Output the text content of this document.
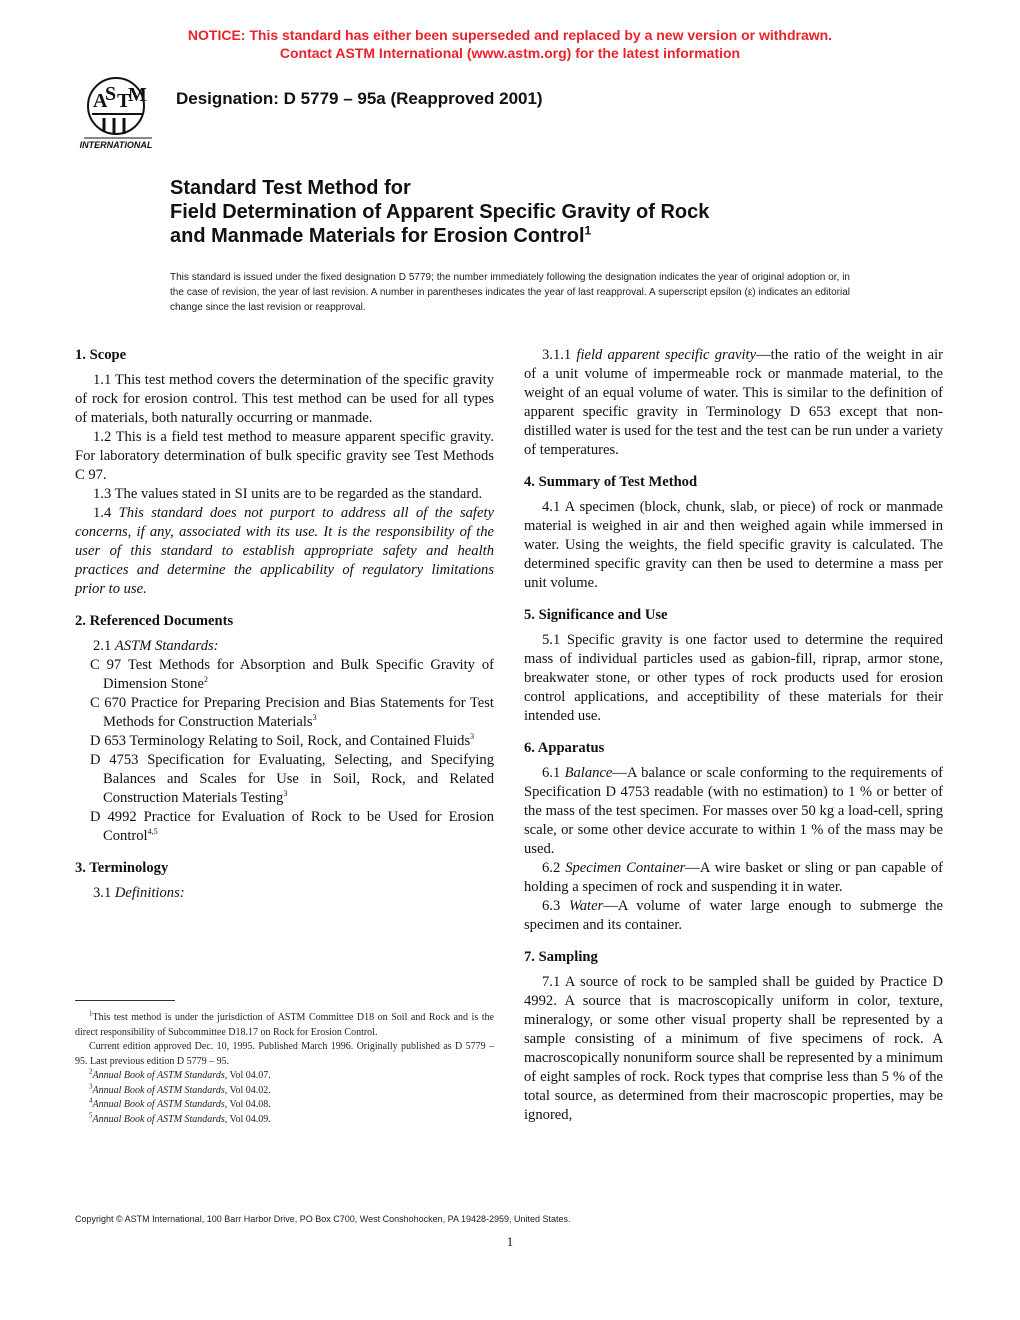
NOTICE: This standard has either been superseded and replaced by a new version or withdrawn.
Contact ASTM International (www.astm.org) for the latest information
A
S T
M
INTERNATIONAL
Designation: D 5779 – 95a (Reapproved 2001)
Standard Test Method for
Field Determination of Apparent Specific Gravity of Rock
and Manmade Materials for Erosion Control$^1$
This standard is issued under the fixed designation D 5779; the number immediately following the designation indicates the year of original adoption or, in the case of revision, the year of last revision. A number in parentheses indicates the year of last reapproval. A superscript epsilon (ε) indicates an editorial change since the last revision or reapproval.
1. Scope

1.1 This test method covers the determination of the specific gravity of rock for erosion control. This test method can be used for all types of materials, both naturally occurring or manmade.

1.2 This is a field test method to measure apparent specific gravity. For laboratory determination of bulk specific gravity see Test Methods C 97.

1.3 The values stated in SI units are to be regarded as the standard.

1.4 This standard does not purport to address all of the safety concerns, if any, associated with its use. It is the responsibility of the user of this standard to establish appropriate safety and health practices and determine the applicability of regulatory limitations prior to use.

2. Referenced Documents

2.1 ASTM Standards:

C 97 Test Methods for Absorption and Bulk Specific Gravity of Dimension Stone$^2$

C 670 Practice for Preparing Precision and Bias Statements for Test Methods for Construction Materials$^3$

D 653 Terminology Relating to Soil, Rock, and Contained Fluids$^3$

D 4753 Specification for Evaluating, Selecting, and Specifying Balances and Scales for Use in Soil, Rock, and Related Construction Materials Testing$^3$

D 4992 Practice for Evaluation of Rock to be Used for Erosion Control$^{4,5}$

3. Terminology

3.1 Definitions:

$^1$This test method is under the jurisdiction of ASTM Committee D18 on Soil and Rock and is the direct responsibility of Subcommittee D18.17 on Rock for Erosion Control.

Current edition approved Dec. 10, 1995. Published March 1996. Originally published as D 5779 – 95. Last previous edition D 5779 – 95.

$^2$Annual Book of ASTM Standards, Vol 04.07.

$^3$Annual Book of ASTM Standards, Vol 04.02.

$^4$Annual Book of ASTM Standards, Vol 04.08.

$^5$Annual Book of ASTM Standards, Vol 04.09.

3.1.1 field apparent specific gravity—the ratio of the weight in air of a unit volume of impermeable rock or manmade material, to the weight of an equal volume of water. This is similar to the definition of apparent specific gravity in Terminology D 653 except that non-distilled water is used for the test and the test can be run under a variety of temperatures.

4. Summary of Test Method

4.1 A specimen (block, chunk, slab, or piece) of rock or manmade material is weighed in air and then weighed again while immersed in water. Using the weights, the field specific gravity is calculated. The determined specific gravity can then be used to determine a mass per unit volume.

5. Significance and Use

5.1 Specific gravity is one factor used to determine the required mass of individual particles used as gabion-fill, riprap, armor stone, breakwater stone, or other types of rock products used for erosion control applications, and acceptibility of these materials for their intended use.

6. Apparatus

6.1 Balance—A balance or scale conforming to the requirements of Specification D 4753 readable (with no estimation) to 1 % or better of the mass of the test specimen. For masses over 50 kg a load-cell, spring scale, or some other device accurate to within 1 % of the mass may be used.

6.2 Specimen Container—A wire basket or sling or pan capable of holding a specimen of rock and suspending it in water.

6.3 Water—A volume of water large enough to submerge the specimen and its container.

7. Sampling

7.1 A source of rock to be sampled shall be guided by Practice D 4992. A source that is macroscopically uniform in color, texture, mineralogy, or some other visual property shall be represented by a sample consisting of a minimum of five specimens of rock. A macroscopically nonuniform source shall be represented by a minimum of eight samples of rock. Rock types that comprise less than 5 % of the total source, as determined from their macroscopic properties, may be ignored,

Copyright © ASTM International, 100 Barr Harbor Drive, PO Box C700, West Conshohocken, PA 19428-2959, United States.
1
